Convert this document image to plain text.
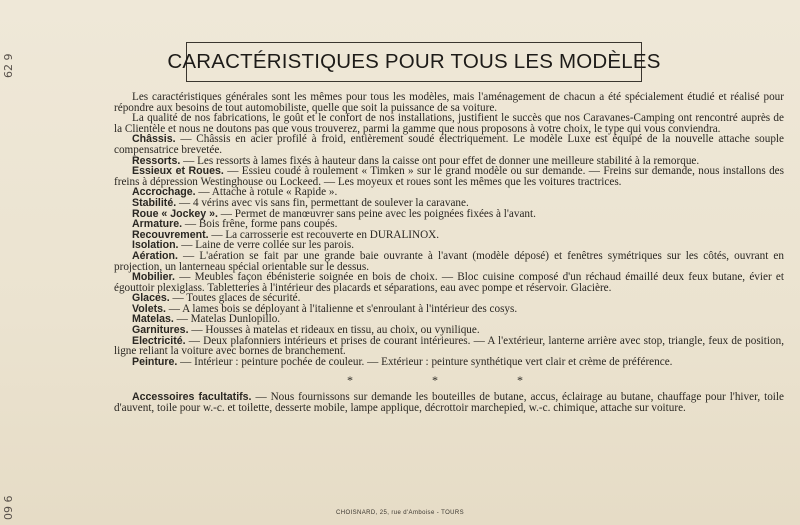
62 9
09 6
CARACTÉRISTIQUES POUR TOUS LES MODÈLES

Les caractéristiques générales sont les mêmes pour tous les modèles, mais l'aménagement de chacun a été spécialement étudié et réalisé pour répondre aux besoins de tout automobiliste, quelle que soit la puissance de sa voiture.

La qualité de nos fabrications, le goût et le confort de nos installations, justifient le succès que nos Caravanes-Camping ont rencontré auprès de la Clientèle et nous ne doutons pas que vous trouverez, parmi la gamme que nous proposons à votre choix, le type qui vous conviendra.

Châssis. — Châssis en acier profilé à froid, entièrement soudé électriquement. Le modèle Luxe est équipé de la nouvelle attache souple compensatrice brevetée.

Ressorts. — Les ressorts à lames fixés à hauteur dans la caisse ont pour effet de donner une meilleure stabilité à la remorque.

Essieux et Roues. — Essieu coudé à roulement « Timken » sur le grand modèle ou sur demande. — Freins sur demande, nous installons des freins à dépression Westinghouse ou Lockeed. — Les moyeux et roues sont les mêmes que les voitures tractrices.

Accrochage. — Attache à rotule « Rapide ».

Stabilité. — 4 vérins avec vis sans fin, permettant de soulever la caravane.

Roue « Jockey ». — Permet de manœuvrer sans peine avec les poignées fixées à l'avant.

Armature. — Bois frêne, forme pans coupés.

Recouvrement. — La carrosserie est recouverte en DURALINOX.

Isolation. — Laine de verre collée sur les parois.

Aération. — L'aération se fait par une grande baie ouvrante à l'avant (modèle déposé) et fenêtres symétriques sur les côtés, ouvrant en projection, un lanterneau spécial orientable sur le dessus.

Mobilier. — Meubles façon ébénisterie soignée en bois de choix. — Bloc cuisine composé d'un réchaud émaillé deux feux butane, évier et égouttoir plexiglass. Tabletteries à l'intérieur des placards et séparations, eau avec pompe et réservoir. Glacière.

Glaces. — Toutes glaces de sécurité.

Volets. — A lames bois se déployant à l'italienne et s'enroulant à l'intérieur des cosys.

Matelas. — Matelas Dunlopillo.

Garnitures. — Housses à matelas et rideaux en tissu, au choix, ou vynilique.

Electricité. — Deux plafonniers intérieurs et prises de courant intérieures. — A l'extérieur, lanterne arrière avec stop, triangle, feux de position, ligne reliant la voiture avec bornes de branchement.

Peinture. — Intérieur : peinture pochée de couleur. — Extérieur : peinture synthétique vert clair et crème de préférence.

* * *

Accessoires facultatifs. — Nous fournissons sur demande les bouteilles de butane, accus, éclairage au butane, chauffage pour l'hiver, toile d'auvent, toile pour w.-c. et toilette, desserte mobile, lampe applique, décrottoir marchepied, w.-c. chimique, attache sur voiture.

CHOISNARD, 25, rue d'Amboise - TOURS
